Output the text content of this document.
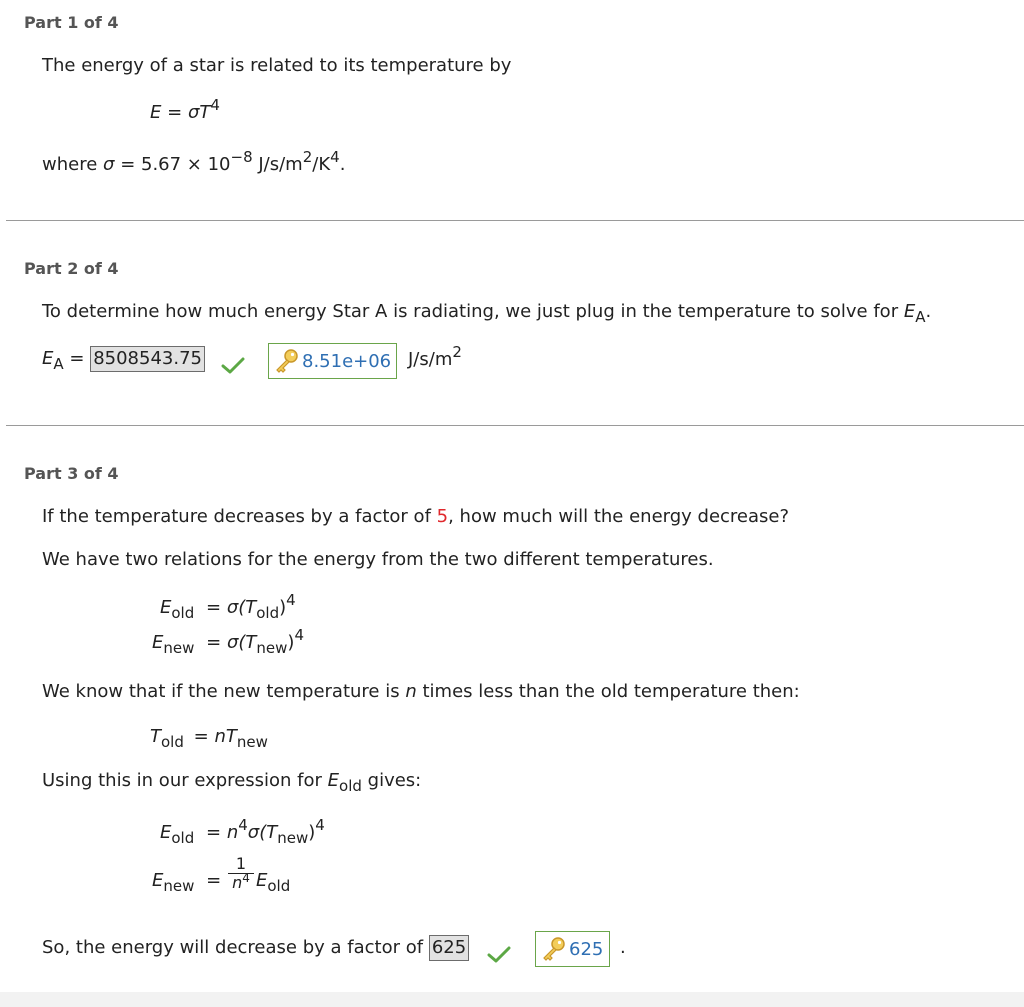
Part 1 of 4
The energy of a star is related to its temperature by
$E = \sigma T^4$
where $\sigma = 5.67 \times 10^{-8}$ $J/s/m^2/K^4$.
Part 2 of 4
To determine how much energy Star A is radiating, we just plug in the temperature to solve for $E_A$.
$E_A = 8508543.75$	8.51e+06 $J/s/m^2$
Part 3 of 4
If the temperature decreases by a factor of 5, how much will the energy decrease?
We have two relations for the energy from the two different temperatures.
$E_{old} = \sigma(T_{old})^4$
$E_{new} = \sigma(T_{new})^4$
We know that if the new temperature is n times less than the old temperature then:
$T_{old} = nT_{new}$
Using this in our expression for $E_{old}$ gives:
$E_{old} = n^4\sigma(T_{new})^4$
$E_{new} = \frac{1}{n^4} E_{old}$
So, the energy will decrease by a factor of 625	625 .
